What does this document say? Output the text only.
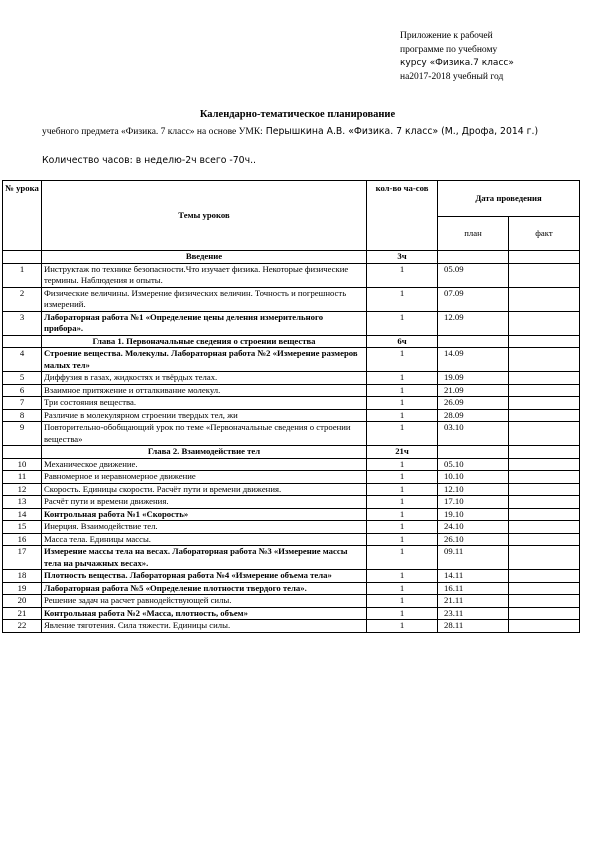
Приложение к рабочей
программе по учебному
курсу «Физика.7 класс»
на2017-2018 учебный год
Календарно-тематическое планирование
учебного предмета «Физика. 7 класс» на основе УМК: Перышкина А.В. «Физика. 7 класс» (М., Дрофа, 2014 г.)
Количество часов: в неделю-2ч всего -70ч..
№ урока	Темы уроков	кол-во ча-сов	Дата проведения	
			план	факт
	Введение	3ч		
1	Инструктаж по технике безопасности.Что изучает физика. Некоторые физические термины. Наблюдения и опыты.	1	05.09	
2	Физические величины. Измерение физических величин. Точность и погрешность измерений.	1	07.09	
3	Лабораторная работа №1 «Определение цены деления измерительного прибора».	1	12.09	
	Глава 1. Первоначальные сведения о строении вещества	6ч		
4	Строение вещества. Молекулы. Лабораторная работа №2 «Измерение размеров малых тел»	1	14.09	
5	Диффузия в газах, жидкостях и твёрдых телах.	1	19.09	
6	Взаимное притяжение и отталкивание молекул.	1	21.09	
7	Три состояния вещества.	1	26.09	
8	Различие в молекулярном строении твердых тел, жи	1	28.09	
9	Повторительно-обобщающий урок по теме «Первоначальные сведения о строении вещества»	1	03.10	
	Глава 2. Взаимодействие тел	21ч		
10	Механическое движение.	1	05.10	
11	Равномерное и неравномерное движение	1	10.10	
12	Скорость. Единицы скорости. Расчёт пути и времени движения.	1	12.10	
13	Расчёт пути и времени движения.	1	17.10	
14	Контрольная работа №1 «Скорость»	1	19.10	
15	Инерция. Взаимодействие тел.	1	24.10	
16	Масса тела. Единицы массы.	1	26.10	
17	Измерение массы тела на весах. Лабораторная работа №3 «Измерение массы тела на рычажных весах».	1	09.11	
18	Плотность вещества. Лабораторная работа №4 «Измерение объема тела»	1	14.11	
19	Лабораторная работа №5 «Определение плотности твердого тела».	1	16.11	
20	Решение задач на расчет равнодействующей силы.	1	21.11	
21	Контрольная работа №2 «Масса, плотность, объем»	1	23.11	
22	Явление тяготения. Сила тяжести. Единицы силы.	1	28.11	
